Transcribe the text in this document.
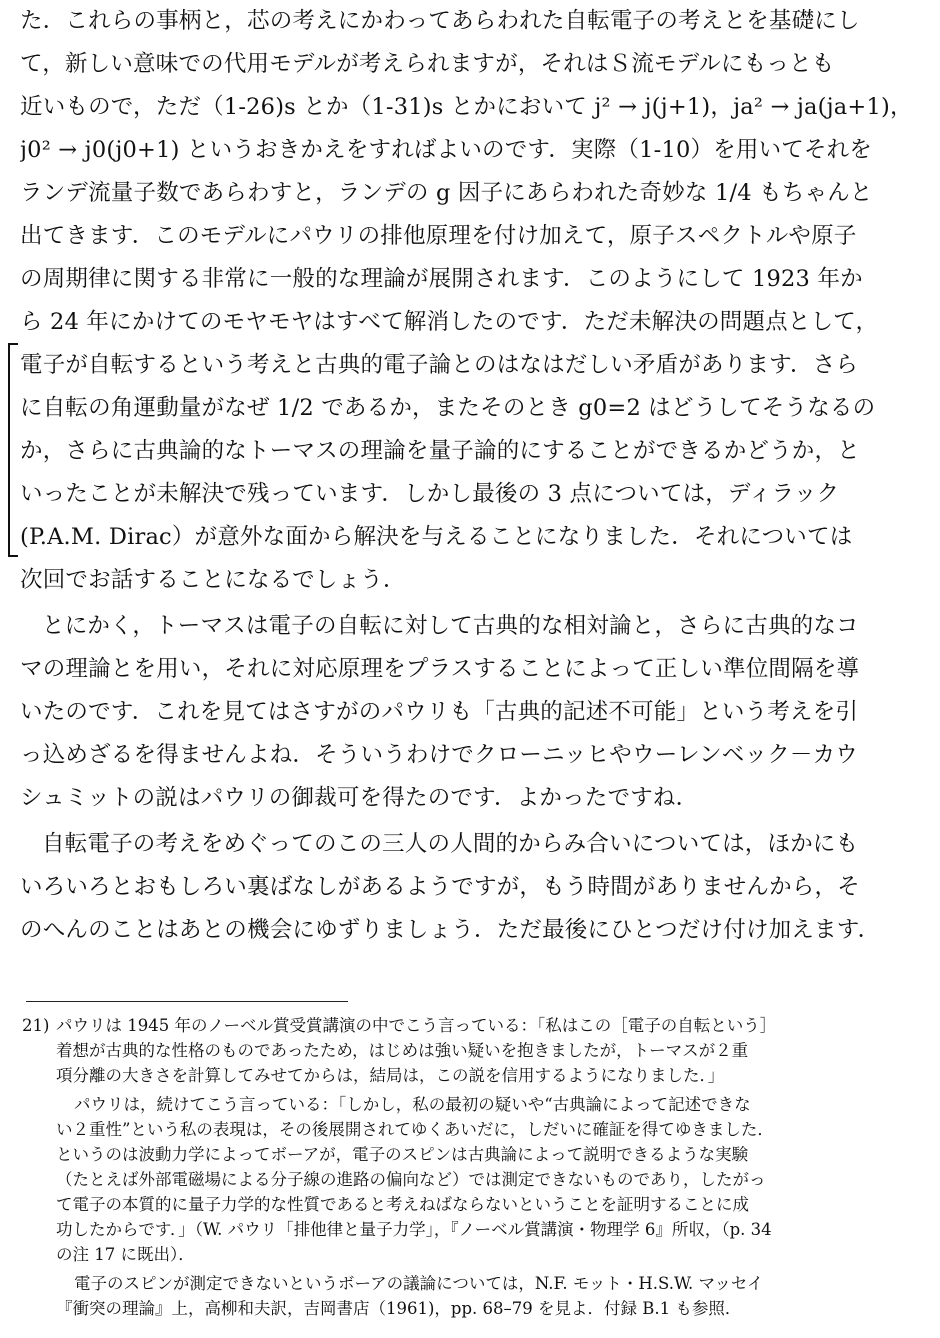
た．これらの事柄と，芯の考えにかわってあらわれた自転電子の考えとを基礎にし
て，新しい意味での代用モデルが考えられますが，それはＳ流モデルにもっとも
近いもので，ただ（1-26)s とか（1-31)s とかにおいて j² → j(j+1)，ja² → ja(ja+1)，
j0² → j0(j0+1) というおきかえをすればよいのです．実際（1-10）を用いてそれを
ランデ流量子数であらわすと，ランデの g 因子にあらわれた奇妙な 1/4 もちゃんと
出てきます．このモデルにパウリの排他原理を付け加えて，原子スペクトルや原子
の周期律に関する非常に一般的な理論が展開されます．このようにして 1923 年か
ら 24 年にかけてのモヤモヤはすべて解消したのです．ただ未解決の問題点として，
電子が自転するという考えと古典的電子論とのはなはだしい矛盾があります．さら
に自転の角運動量がなぜ 1/2 であるか，またそのとき g0=2 はどうしてそうなるの
か，さらに古典論的なトーマスの理論を量子論的にすることができるかどうか，と
いったことが未解決で残っています．しかし最後の 3 点については，ディラック
(P.A.M. Dirac）が意外な面から解決を与えることになりました．それについては
次回でお話することになるでしょう．
とにかく，トーマスは電子の自転に対して古典的な相対論と，さらに古典的なコ
マの理論とを用い，それに対応原理をプラスすることによって正しい準位間隔を導
いたのです．これを見てはさすがのパウリも「古典的記述不可能」という考えを引
っ込めざるを得ませんよね．そういうわけでクローニッヒやウーレンベック－カウ
シュミットの説はパウリの御裁可を得たのです．よかったですね．
自転電子の考えをめぐってのこの三人の人間的からみ合いについては，ほかにも
いろいろとおもしろい裏ばなしがあるようですが，もう時間がありませんから，そ
のへんのことはあとの機会にゆずりましょう．ただ最後にひとつだけ付け加えます．
21) パウリは 1945 年のノーベル賞受賞講演の中でこう言っている：「私はこの［電子の自転という］
着想が古典的な性格のものであったため，はじめは強い疑いを抱きましたが，トーマスが２重
項分離の大きさを計算してみせてからは，結局は，この説を信用するようになりました．」
パウリは，続けてこう言っている：「しかし，私の最初の疑いや“古典論によって記述できな
い２重性”という私の表現は，その後展開されてゆくあいだに，しだいに確証を得てゆきました．
というのは波動力学によってボーアが，電子のスピンは古典論によって説明できるような実験
（たとえば外部電磁場による分子線の進路の偏向など）では測定できないものであり，したがっ
て電子の本質的に量子力学的な性質であると考えねばならないということを証明することに成
功したからです．」（W. パウリ「排他律と量子力学」，『ノーベル賞講演・物理学 6』所収，（p. 34
の注 17 に既出）．
電子のスピンが測定できないというボーアの議論については，N.F. モット・H.S.W. マッセイ
『衝突の理論』上，高柳和夫訳，吉岡書店（1961)，pp. 68–79 を見よ．付録 B.1 も参照．
